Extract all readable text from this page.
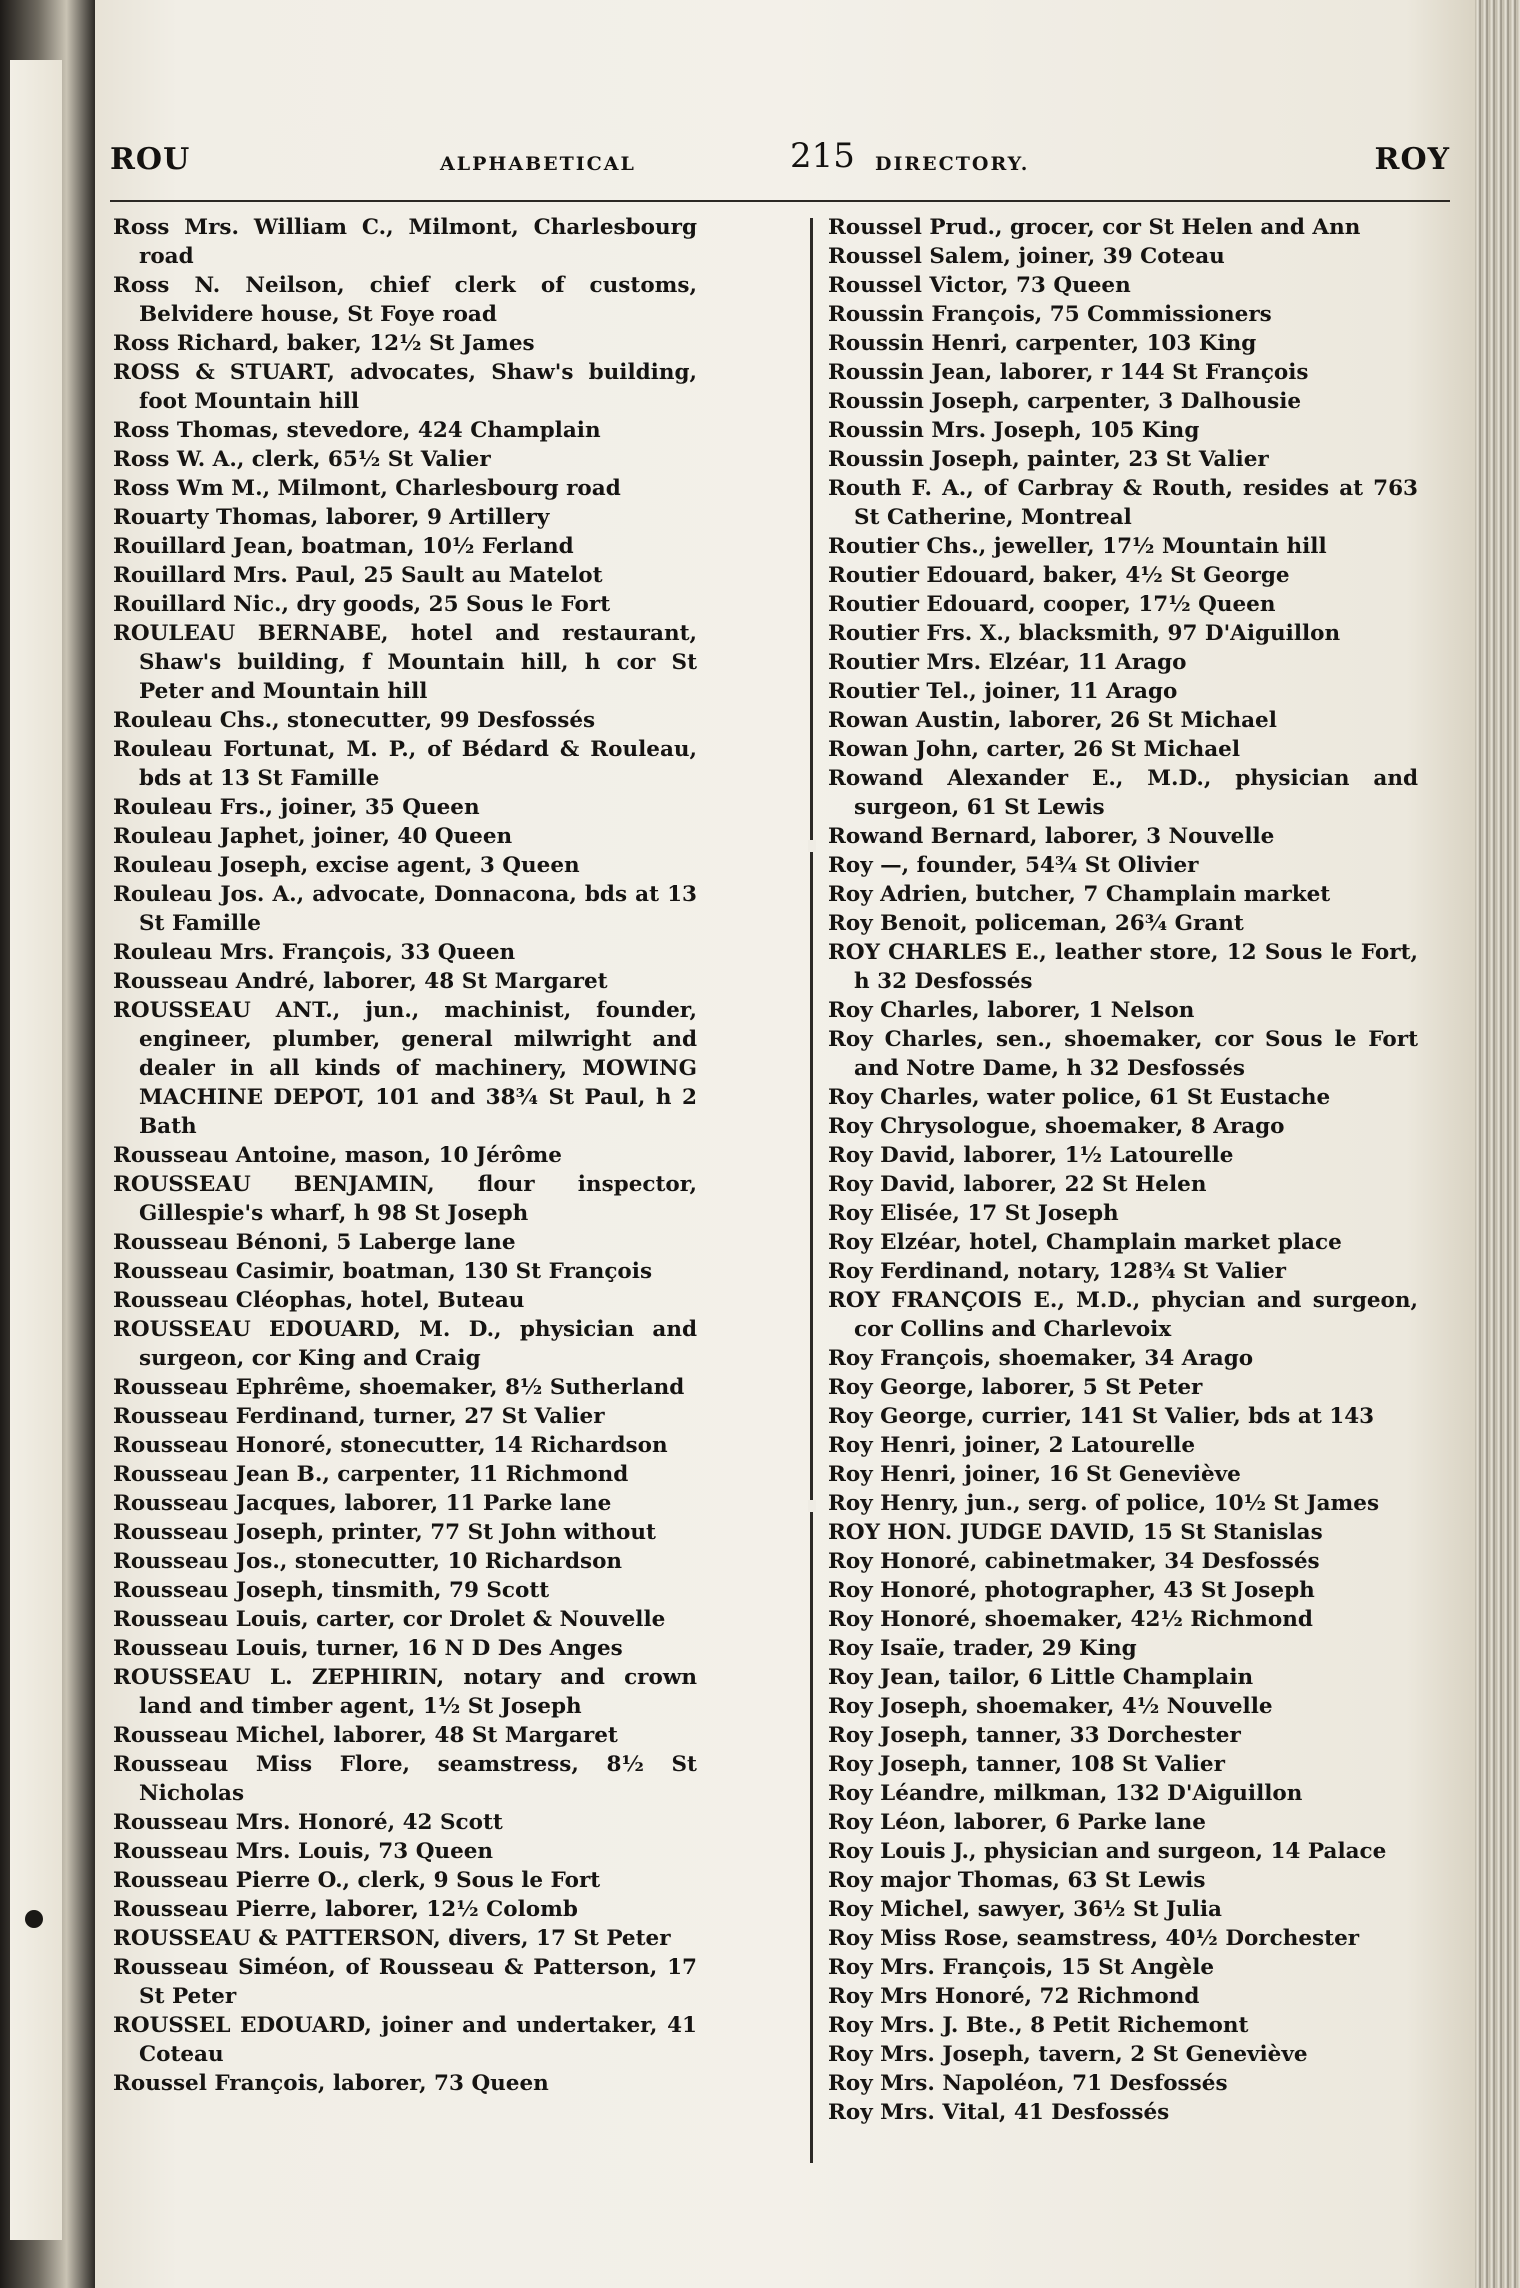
ROU	ALPHABETICAL	215 DIRECTORY.	ROY
Ross Mrs. William C., Milmont, Charlesbourg road
Ross N. Neilson, chief clerk of customs, Belvidere house, St Foye road
Ross Richard, baker, 12½ St James
ROSS & STUART, advocates, Shaw's building, foot Mountain hill
Ross Thomas, stevedore, 424 Champlain
Ross W. A., clerk, 65½ St Valier
Ross Wm M., Milmont, Charlesbourg road
Rouarty Thomas, laborer, 9 Artillery
Rouillard Jean, boatman, 10½ Ferland
Rouillard Mrs. Paul, 25 Sault au Matelot
Rouillard Nic., dry goods, 25 Sous le Fort
ROULEAU BERNABE, hotel and restaurant, Shaw's building, f Mountain hill, h cor St Peter and Mountain hill
Rouleau Chs., stonecutter, 99 Desfossés
Rouleau Fortunat, M. P., of Bédard & Rouleau, bds at 13 St Famille
Rouleau Frs., joiner, 35 Queen
Rouleau Japhet, joiner, 40 Queen
Rouleau Joseph, excise agent, 3 Queen
Rouleau Jos. A., advocate, Donnacona, bds at 13 St Famille
Rouleau Mrs. François, 33 Queen
Rousseau André, laborer, 48 St Margaret
ROUSSEAU ANT., jun., machinist, founder, engineer, plumber, general milwright and dealer in all kinds of machinery, MOWING MACHINE DEPOT, 101 and 38¾ St Paul, h 2 Bath
Rousseau Antoine, mason, 10 Jérôme
ROUSSEAU BENJAMIN, flour inspector, Gillespie's wharf, h 98 St Joseph
Rousseau Bénoni, 5 Laberge lane
Rousseau Casimir, boatman, 130 St François
Rousseau Cléophas, hotel, Buteau
ROUSSEAU EDOUARD, M. D., physician and surgeon, cor King and Craig
Rousseau Ephrême, shoemaker, 8½ Sutherland
Rousseau Ferdinand, turner, 27 St Valier
Rousseau Honoré, stonecutter, 14 Richardson
Rousseau Jean B., carpenter, 11 Richmond
Rousseau Jacques, laborer, 11 Parke lane
Rousseau Joseph, printer, 77 St John without
Rousseau Jos., stonecutter, 10 Richardson
Rousseau Joseph, tinsmith, 79 Scott
Rousseau Louis, carter, cor Drolet & Nouvelle
Rousseau Louis, turner, 16 N D Des Anges
ROUSSEAU L. ZEPHIRIN, notary and crown land and timber agent, 1½ St Joseph
Rousseau Michel, laborer, 48 St Margaret
Rousseau Miss Flore, seamstress, 8½ St Nicholas
Rousseau Mrs. Honoré, 42 Scott
Rousseau Mrs. Louis, 73 Queen
Rousseau Pierre O., clerk, 9 Sous le Fort
Rousseau Pierre, laborer, 12½ Colomb
ROUSSEAU & PATTERSON, divers, 17 St Peter
Rousseau Siméon, of Rousseau & Patterson, 17 St Peter
ROUSSEL EDOUARD, joiner and undertaker, 41 Coteau
Roussel François, laborer, 73 Queen
Roussel Prud., grocer, cor St Helen and Ann
Roussel Salem, joiner, 39 Coteau
Roussel Victor, 73 Queen
Roussin François, 75 Commissioners
Roussin Henri, carpenter, 103 King
Roussin Jean, laborer, r 144 St François
Roussin Joseph, carpenter, 3 Dalhousie
Roussin Mrs. Joseph, 105 King
Roussin Joseph, painter, 23 St Valier
Routh F. A., of Carbray & Routh, resides at 763 St Catherine, Montreal
Routier Chs., jeweller, 17½ Mountain hill
Routier Edouard, baker, 4½ St George
Routier Edouard, cooper, 17½ Queen
Routier Frs. X., blacksmith, 97 D'Aiguillon
Routier Mrs. Elzéar, 11 Arago
Routier Tel., joiner, 11 Arago
Rowan Austin, laborer, 26 St Michael
Rowan John, carter, 26 St Michael
Rowand Alexander E., M.D., physician and surgeon, 61 St Lewis
Rowand Bernard, laborer, 3 Nouvelle
Roy —, founder, 54¾ St Olivier
Roy Adrien, butcher, 7 Champlain market
Roy Benoit, policeman, 26¾ Grant
ROY CHARLES E., leather store, 12 Sous le Fort, h 32 Desfossés
Roy Charles, laborer, 1 Nelson
Roy Charles, sen., shoemaker, cor Sous le Fort and Notre Dame, h 32 Desfossés
Roy Charles, water police, 61 St Eustache
Roy Chrysologue, shoemaker, 8 Arago
Roy David, laborer, 1½ Latourelle
Roy David, laborer, 22 St Helen
Roy Elisée, 17 St Joseph
Roy Elzéar, hotel, Champlain market place
Roy Ferdinand, notary, 128¾ St Valier
ROY FRANÇOIS E., M.D., phycian and surgeon, cor Collins and Charlevoix
Roy François, shoemaker, 34 Arago
Roy George, laborer, 5 St Peter
Roy George, currier, 141 St Valier, bds at 143
Roy Henri, joiner, 2 Latourelle
Roy Henri, joiner, 16 St Geneviève
Roy Henry, jun., serg. of police, 10½ St James
ROY HON. JUDGE DAVID, 15 St Stanislas
Roy Honoré, cabinetmaker, 34 Desfossés
Roy Honoré, photographer, 43 St Joseph
Roy Honoré, shoemaker, 42½ Richmond
Roy Isaïe, trader, 29 King
Roy Jean, tailor, 6 Little Champlain
Roy Joseph, shoemaker, 4½ Nouvelle
Roy Joseph, tanner, 33 Dorchester
Roy Joseph, tanner, 108 St Valier
Roy Léandre, milkman, 132 D'Aiguillon
Roy Léon, laborer, 6 Parke lane
Roy Louis J., physician and surgeon, 14 Palace
Roy major Thomas, 63 St Lewis
Roy Michel, sawyer, 36½ St Julia
Roy Miss Rose, seamstress, 40½ Dorchester
Roy Mrs. François, 15 St Angèle
Roy Mrs Honoré, 72 Richmond
Roy Mrs. J. Bte., 8 Petit Richemont
Roy Mrs. Joseph, tavern, 2 St Geneviève
Roy Mrs. Napoléon, 71 Desfossés
Roy Mrs. Vital, 41 Desfossés
